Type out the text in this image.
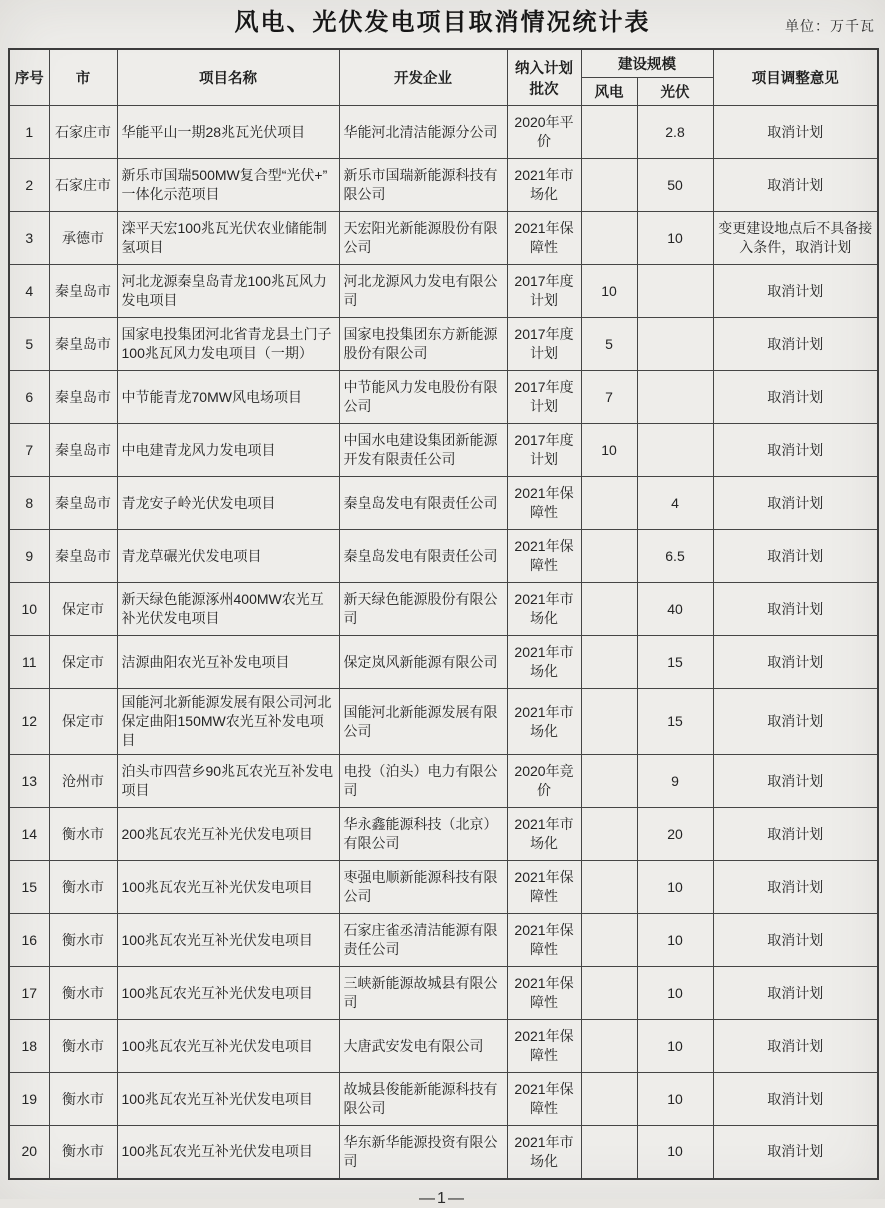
风电、光伏发电项目取消情况统计表	单位：万千瓦
序号	市	项目名称	开发企业	纳入计划批次	建设规模		项目调整意见
					风电	光伏	
1	石家庄市	华能平山一期28兆瓦光伏项目	华能河北清洁能源分公司	2020年平价		2.8	取消计划
2	石家庄市	新乐市国瑞500MW复合型“光伏+”一体化示范项目	新乐市国瑞新能源科技有限公司	2021年市场化		50	取消计划
3	承德市	滦平天宏100兆瓦光伏农业储能制氢项目	天宏阳光新能源股份有限公司	2021年保障性		10	变更建设地点后不具备接入条件，取消计划
4	秦皇岛市	河北龙源秦皇岛青龙100兆瓦风力发电项目	河北龙源风力发电有限公司	2017年度计划	10		取消计划
5	秦皇岛市	国家电投集团河北省青龙县土门子100兆瓦风力发电项目（一期）	国家电投集团东方新能源股份有限公司	2017年度计划	5		取消计划
6	秦皇岛市	中节能青龙70MW风电场项目	中节能风力发电股份有限公司	2017年度计划	7		取消计划
7	秦皇岛市	中电建青龙风力发电项目	中国水电建设集团新能源开发有限责任公司	2017年度计划	10		取消计划
8	秦皇岛市	青龙安子岭光伏发电项目	秦皇岛发电有限责任公司	2021年保障性		4	取消计划
9	秦皇岛市	青龙草碾光伏发电项目	秦皇岛发电有限责任公司	2021年保障性		6.5	取消计划
10	保定市	新天绿色能源涿州400MW农光互补光伏发电项目	新天绿色能源股份有限公司	2021年市场化		40	取消计划
11	保定市	洁源曲阳农光互补发电项目	保定岚风新能源有限公司	2021年市场化		15	取消计划
12	保定市	国能河北新能源发展有限公司河北保定曲阳150MW农光互补发电项目	国能河北新能源发展有限公司	2021年市场化		15	取消计划
13	沧州市	泊头市四营乡90兆瓦农光互补发电项目	电投（泊头）电力有限公司	2020年竞价		9	取消计划
14	衡水市	200兆瓦农光互补光伏发电项目	华永鑫能源科技（北京）有限公司	2021年市场化		20	取消计划
15	衡水市	100兆瓦农光互补光伏发电项目	枣强电顺新能源科技有限公司	2021年保障性		10	取消计划
16	衡水市	100兆瓦农光互补光伏发电项目	石家庄雀丞清洁能源有限责任公司	2021年保障性		10	取消计划
17	衡水市	100兆瓦农光互补光伏发电项目	三峡新能源故城县有限公司	2021年保障性		10	取消计划
18	衡水市	100兆瓦农光互补光伏发电项目	大唐武安发电有限公司	2021年保障性		10	取消计划
19	衡水市	100兆瓦农光互补光伏发电项目	故城县俊能新能源科技有限公司	2021年保障性		10	取消计划
20	衡水市	100兆瓦农光互补光伏发电项目	华东新华能源投资有限公司	2021年市场化		10	取消计划
—1—
